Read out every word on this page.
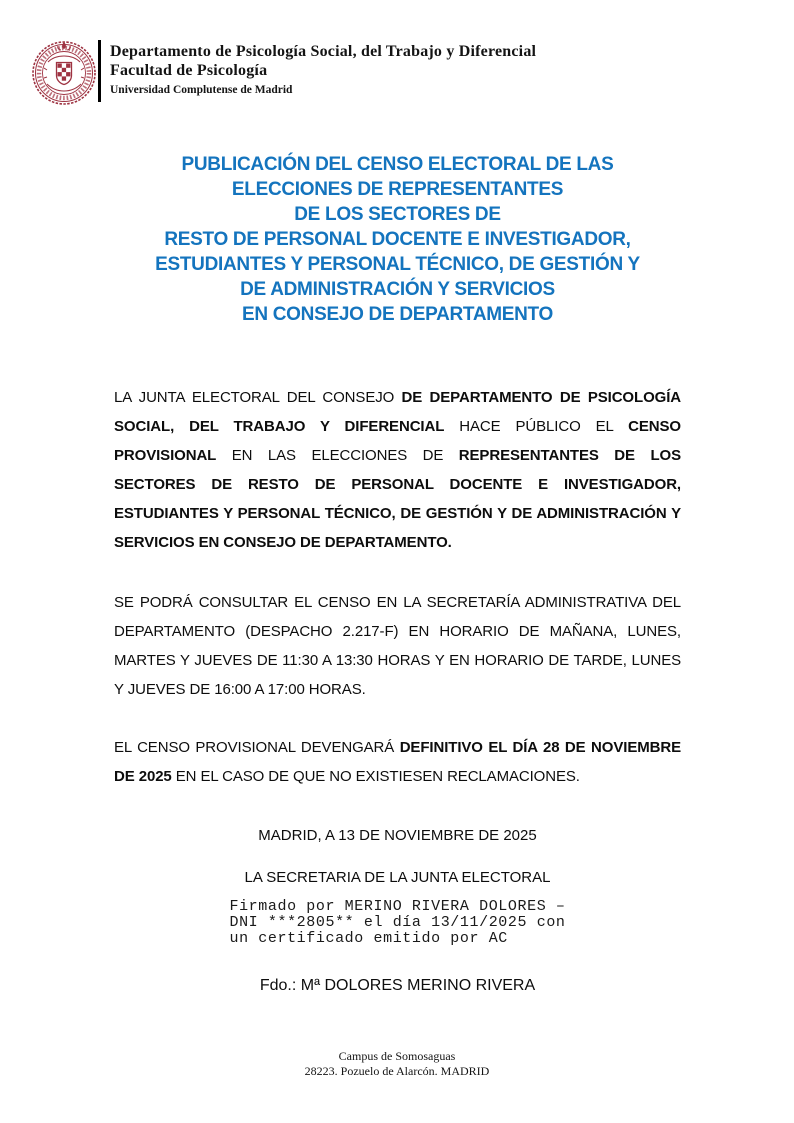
Departamento de Psicología Social, del Trabajo y Diferencial
Facultad de Psicología
Universidad Complutense de Madrid
PUBLICACIÓN DEL CENSO ELECTORAL DE LAS
ELECCIONES DE REPRESENTANTES
DE LOS SECTORES DE
RESTO DE PERSONAL DOCENTE E INVESTIGADOR,
ESTUDIANTES Y PERSONAL TÉCNICO, DE GESTIÓN Y
DE ADMINISTRACIÓN Y SERVICIOS
EN CONSEJO DE DEPARTAMENTO

LA JUNTA ELECTORAL DEL CONSEJO DE DEPARTAMENTO DE PSICOLOGÍA SOCIAL, DEL TRABAJO Y DIFERENCIAL HACE PÚBLICO EL CENSO PROVISIONAL EN LAS ELECCIONES DE REPRESENTANTES DE LOS SECTORES DE RESTO DE PERSONAL DOCENTE E INVESTIGADOR, ESTUDIANTES Y PERSONAL TÉCNICO, DE GESTIÓN Y DE ADMINISTRACIÓN Y SERVICIOS EN CONSEJO DE DEPARTAMENTO.

SE PODRÁ CONSULTAR EL CENSO EN LA SECRETARÍA ADMINISTRATIVA DEL DEPARTAMENTO (DESPACHO 2.217-F) EN HORARIO DE MAÑANA, LUNES, MARTES Y JUEVES DE 11:30 A 13:30 HORAS Y EN HORARIO DE TARDE, LUNES Y JUEVES DE 16:00 A 17:00 HORAS.

EL CENSO PROVISIONAL DEVENGARÁ DEFINITIVO EL DÍA 28 DE NOVIEMBRE DE 2025 EN EL CASO DE QUE NO EXISTIESEN RECLAMACIONES.

MADRID, A 13 DE NOVIEMBRE DE 2025
LA SECRETARIA DE LA JUNTA ELECTORAL
Firmado por MERINO RIVERA DOLORES –
DNI ***2805** el día 13/11/2025 con
un certificado emitido por AC
Fdo.: Mª DOLORES MERINO RIVERA
Campus de Somosaguas
28223. Pozuelo de Alarcón. MADRID
